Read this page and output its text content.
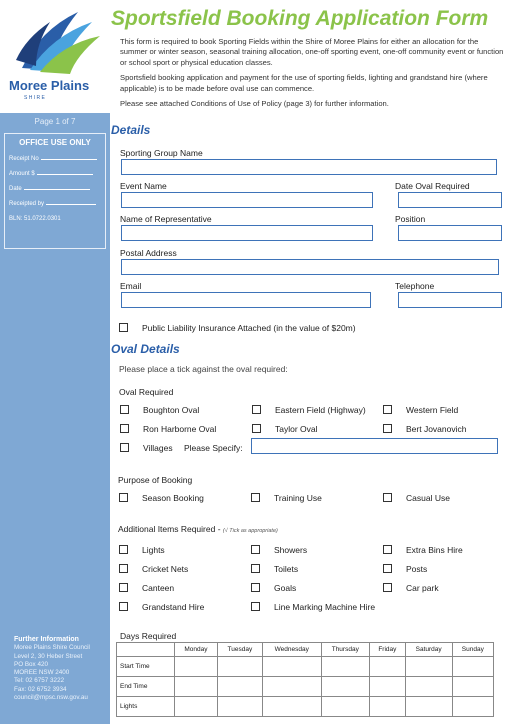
Moree Plains
S H I R E
Page 1 of 7
OFFICE USE ONLY
Receipt No
Amount $
Date
Receipted by
BLN: 51.0722.0301
Further Information
Moree Plains Shire Council
Level 2, 30 Heber Street
PO Box 420
MOREE NSW 2400
Tel: 02 6757 3222
Fax: 02 6752 3934
council@mpsc.nsw.gov.au
Sportsfield Booking Application Form

This form is required to book Sporting Fields within the Shire of Moree Plains for either an allocation for the summer or winter season, seasonal training allocation, one-off sporting event, one-off community event or function or school sport or physical education classes.

Sportsfield booking application and payment for the use of sporting fields, lighting and grandstand hire (where applicable) is to be made before oval use can commence.

Please see attached Conditions of Use of Policy (page 3) for further information.

Details
Sporting Group Name
Event Name	Date Oval Required
Name of Representative	Position
Postal Address
Email	Telephone
Public Liability Insurance Attached (in the value of $20m)
Oval Details
Please place a tick against the oval required:
Oval Required
Boughton Oval	Eastern Field (Highway)	Western Field
Ron Harborne Oval	Taylor Oval	Bert Jovanovich
Villages Please Specify:
Purpose of Booking
Season Booking	Training Use	Casual Use
Additional Items Required - (√ Tick as appropriate)
Lights	Showers	Extra Bins Hire
Cricket Nets	Toilets	Posts
Canteen	Goals	Car park
Grandstand Hire	Line Marking Machine Hire
Days Required
	Monday	Tuesday	Wednesday	Thursday	Friday	Saturday	Sunday
Start Time							
End Time							
Lights							
